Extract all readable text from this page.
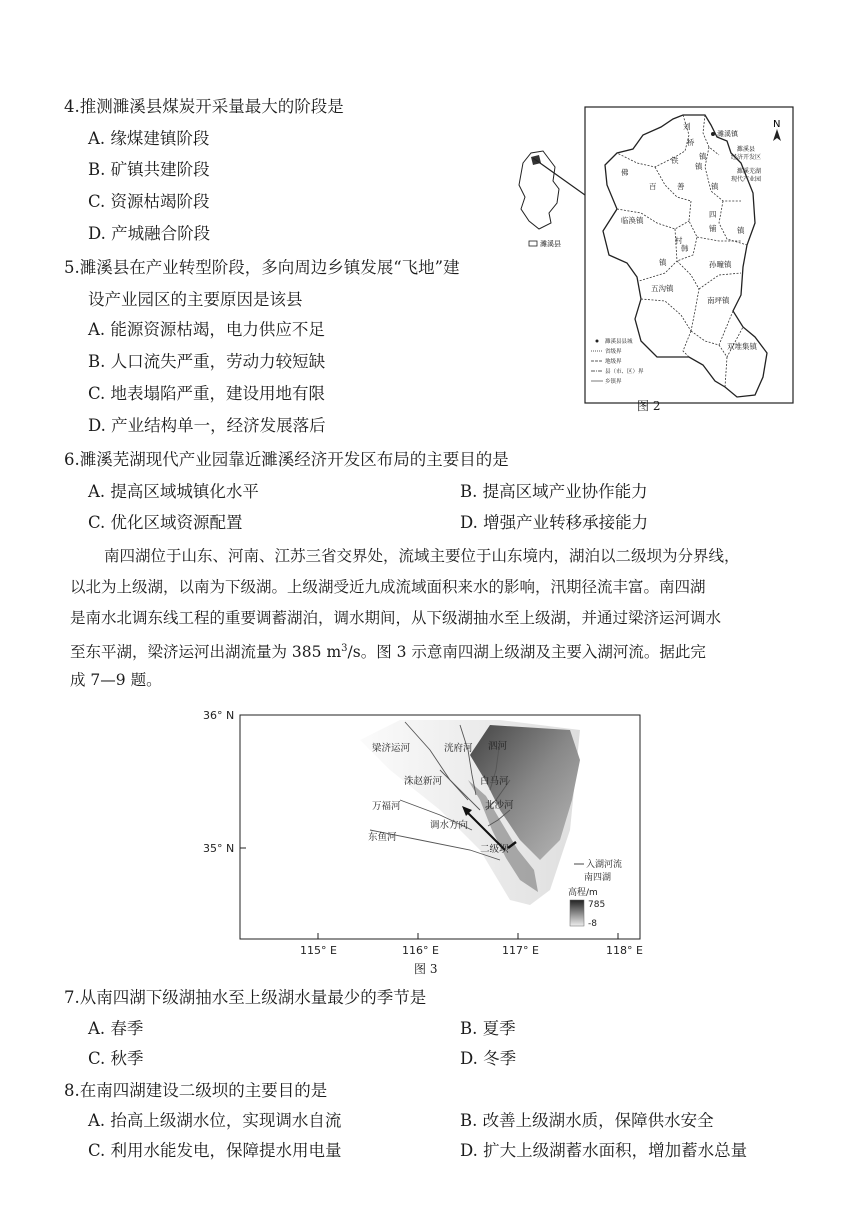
4.推测濉溪县煤炭开采量最大的阶段是
A. 缘煤建镇阶段
B. 矿镇共建阶段
C. 资源枯竭阶段
D. 产城融合阶段
5.濉溪县在产业转型阶段，多向周边乡镇发展“飞地”建
设产业园区的主要原因是该县
A. 能源资源枯竭，电力供应不足
B. 人口流失严重，劳动力较短缺
C. 地表塌陷严重，建设用地有限
D. 产业结构单一，经济发展落后
濉溪县
N
刘
桥
镇
铁
佛
百	善	镇
临涣镇
四
铺	镇
韩
村
镇	孙疃镇
五沟镇
南坪镇
双堆集镇
镇
濉溪镇
濉溪县
经济开发区
濉溪芜湖
现代产业园
濉溪县县城
省级界
地级界
县（市、区）界
乡镇界
图 2
6.濉溪芜湖现代产业园靠近濉溪经济开发区布局的主要目的是
A. 提高区域城镇化水平	B. 提高区域产业协作能力
C. 优化区域资源配置	D. 增强产业转移承接能力
南四湖位于山东、河南、江苏三省交界处，流域主要位于山东境内，湖泊以二级坝为分界线，
以北为上级湖，以南为下级湖。上级湖受近九成流域面积来水的影响，汛期径流丰富。南四湖
是南水北调东线工程的重要调蓄湖泊，调水期间，从下级湖抽水至上级湖，并通过梁济运河调水
至东平湖，梁济运河出湖流量为 385 $m^3/s$。图 3 示意南四湖上级湖及主要入湖河流。据此完
成 7—9 题。
梁济运河	洸府河 泗河
洙赵新河	白马河
万福河	北沙河
东鱼河
调水方向
二级坝
36° N
35° N
115° E	116° E	117° E	118° E
入湖河流
南四湖
高程/m
785
-8
图 3
7.从南四湖下级湖抽水至上级湖水量最少的季节是
A. 春季	B. 夏季
C. 秋季	D. 冬季
8.在南四湖建设二级坝的主要目的是
A. 抬高上级湖水位，实现调水自流	B. 改善上级湖水质，保障供水安全
C. 利用水能发电，保障提水用电量	D. 扩大上级湖蓄水面积，增加蓄水总量
